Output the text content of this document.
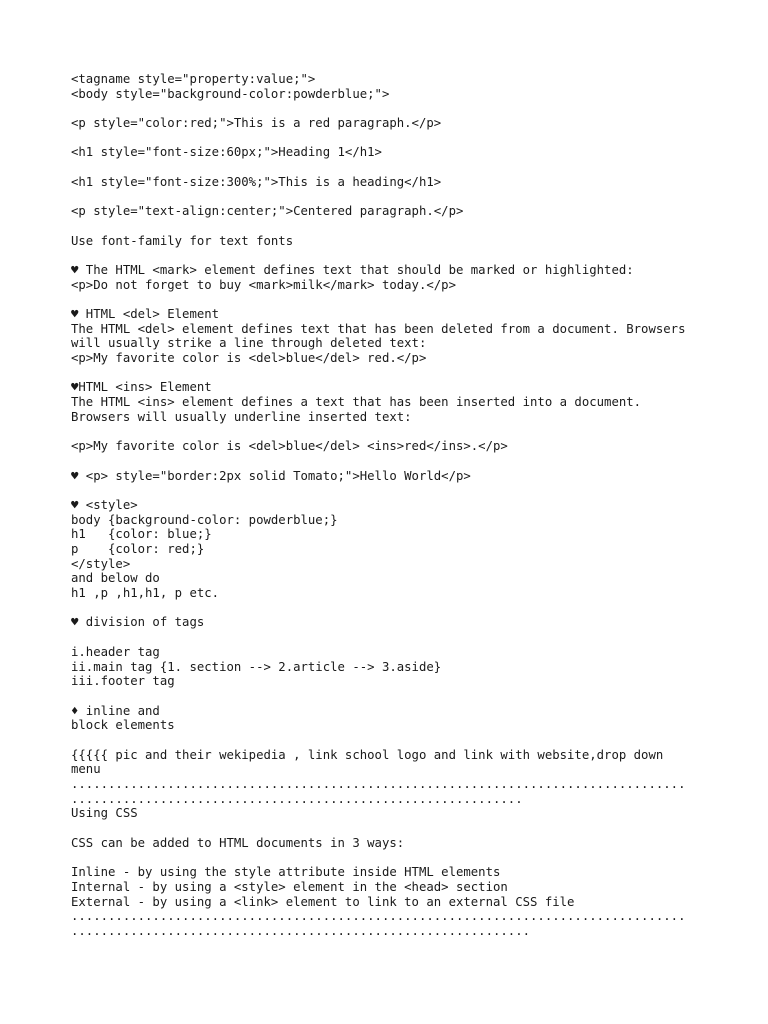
<tagname style="property:value;">
<body style="background-color:powderblue;">
<p style="color:red;">This is a red paragraph.</p>
<h1 style="font-size:60px;">Heading 1</h1>
<h1 style="font-size:300%;">This is a heading</h1>
<p style="text-align:center;">Centered paragraph.</p>
Use font-family for text fonts
♥ The HTML <mark> element defines text that should be marked or highlighted:
<p>Do not forget to buy <mark>milk</mark> today.</p>
♥ HTML <del> Element
The HTML <del> element defines text that has been deleted from a document. Browsers
will usually strike a line through deleted text:
<p>My favorite color is <del>blue</del> red.</p>
♥HTML <ins> Element
The HTML <ins> element defines a text that has been inserted into a document.
Browsers will usually underline inserted text:
<p>My favorite color is <del>blue</del> <ins>red</ins>.</p>
♥ <p> style="border:2px solid Tomato;">Hello World</p>
♥ <style>
body {background-color: powderblue;}
h1   {color: blue;}
p    {color: red;}
</style>
and below do
h1 ,p ,h1,h1, p etc.
♥ division of tags
i.header tag
ii.main tag {1. section --> 2.article --> 3.aside}
iii.footer tag
♦ inline and
block elements
{{{{{ pic and their wekipedia , link school logo and link with website,drop down
menu
...................................................................................
.............................................................
Using CSS
CSS can be added to HTML documents in 3 ways:
Inline - by using the style attribute inside HTML elements
Internal - by using a <style> element in the <head> section
External - by using a <link> element to link to an external CSS file
...................................................................................
..............................................................
